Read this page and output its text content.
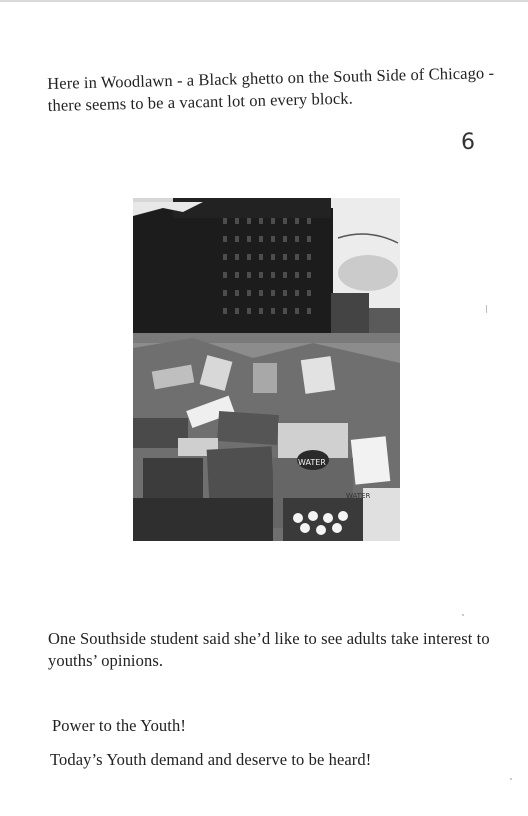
Here in Woodlawn - a Black ghetto on the South Side of Chicago - there seems to be a vacant lot on every block.
6
WATER
WATER
One Southside student said she’d like to see adults take interest to youths’ opinions.
Power to the Youth!
Today’s Youth demand and deserve to be heard!
